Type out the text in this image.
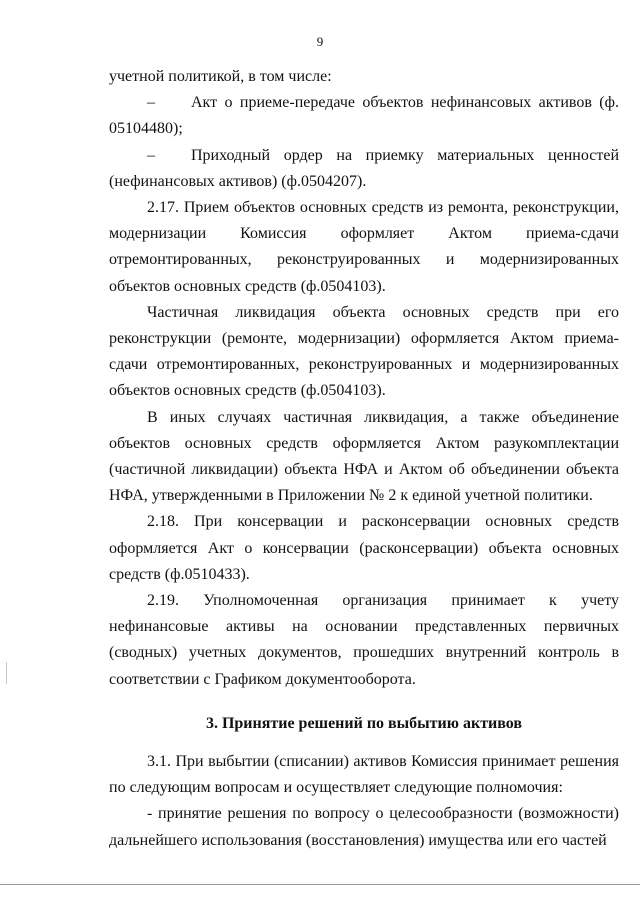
9

учетной политикой, в том числе:

– Акт о приеме-передаче объектов нефинансовых активов (ф. 05104480);

– Приходный ордер на приемку материальных ценностей (нефинансовых активов) (ф.0504207).

2.17. Прием объектов основных средств из ремонта, реконструкции, модернизации Комиссия оформляет Актом приема-сдачи отремонтированных, реконструированных и модернизированных объектов основных средств (ф.0504103).

Частичная ликвидация объекта основных средств при его реконструкции (ремонте, модернизации) оформляется Актом приема-сдачи отремонтированных, реконструированных и модернизированных объектов основных средств (ф.0504103).

В иных случаях частичная ликвидация, а также объединение объектов основных средств оформляется Актом разукомплектации (частичной ликвидации) объекта НФА и Актом об объединении объекта НФА, утвержденными в Приложении № 2 к единой учетной политики.

2.18. При консервации и расконсервации основных средств оформляется Акт о консервации (расконсервации) объекта основных средств (ф.0510433).

2.19. Уполномоченная организация принимает к учету нефинансовые активы на основании представленных первичных (сводных) учетных документов, прошедших внутренний контроль в соответствии с Графиком документооборота.

3. Принятие решений по выбытию активов

3.1. При выбытии (списании) активов Комиссия принимает решения по следующим вопросам и осуществляет следующие полномочия:

- принятие решения по вопросу о целесообразности (возможности) дальнейшего использования (восстановления) имущества или его частей
